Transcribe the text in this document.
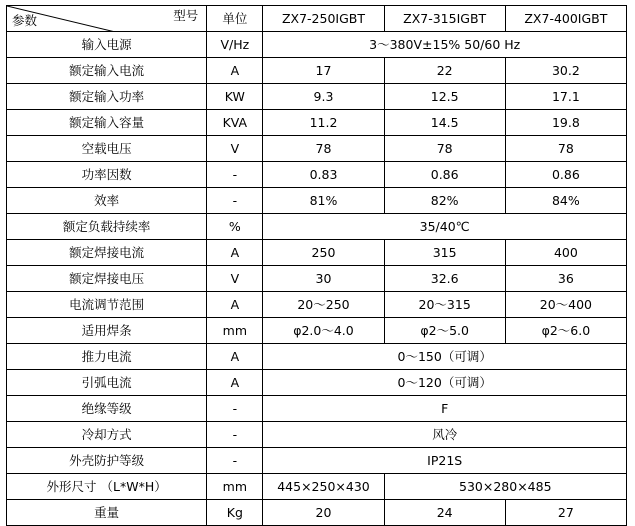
型号
参数	单位	ZX7-250IGBT	ZX7-315IGBT	ZX7-400IGBT
输入电源	V/Hz	3～380V±15% 50/60 Hz		
额定输入电流	A	17	22	30.2
额定输入功率	KW	9.3	12.5	17.1
额定输入容量	KVA	11.2	14.5	19.8
空载电压	V	78	78	78
功率因数	-	0.83	0.86	0.86
效率	-	81%	82%	84%
额定负载持续率	%	35/40℃		
额定焊接电流	A	250	315	400
额定焊接电压	V	30	32.6	36
电流调节范围	A	20～250	20～315	20～400
适用焊条	mm	φ2.0～4.0	φ2～5.0	φ2～6.0
推力电流	A	0～150（可调）		
引弧电流	A	0～120（可调）		
绝缘等级	-	F		
冷却方式	-	风冷		
外壳防护等级	-	IP21S		
外形尺寸 （L*W*H）	mm	445×250×430	530×280×485	
重量	Kg	20	24	27
